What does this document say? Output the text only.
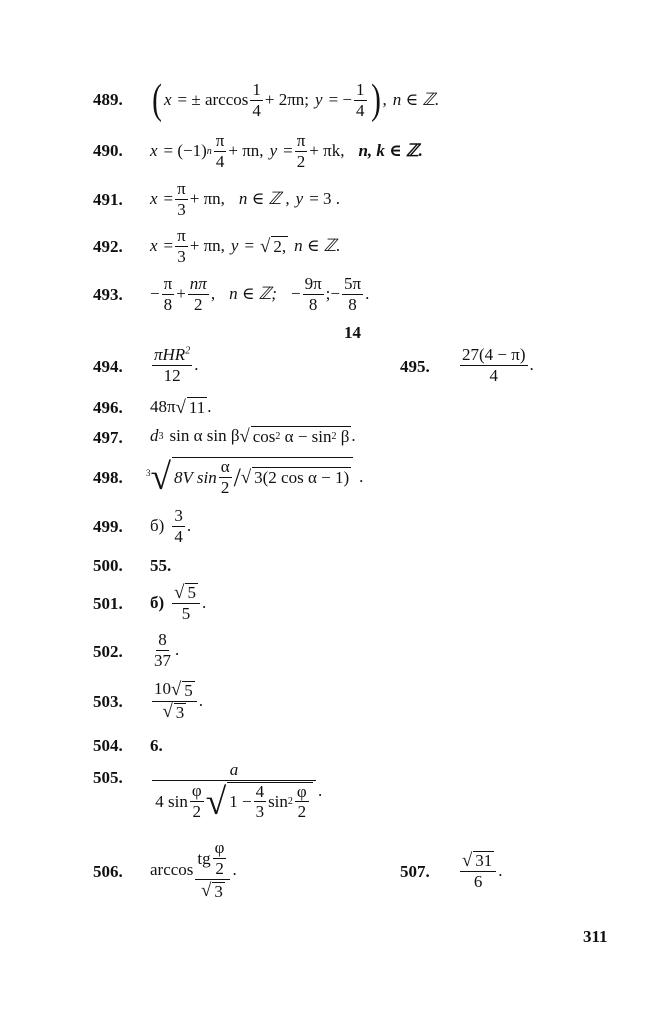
489. ( x = ± $\arccos \frac{1}{4} + 2\pi n$; y = − $\frac{1}{4}$ ) , n ∈ ℤ.
490. x = (−1) n $\frac{\pi}{4} + \pi n$, $y = \frac{\pi}{2} + \pi k$, n, k ∈ ℤ.
491. $x = \frac{\pi}{3} + \pi n$, n ∈ ℤ , y = 3 .
492. $x = \frac{\pi}{3} + \pi n$, y = √ 2, n ∈ ℤ.
493. − $\frac{\pi}{8} + \frac{n\pi}{2}$ , n ∈ ℤ; − $\frac{9\pi}{8}$ ;− $\frac{5\pi}{8}$ .
14
494. $\frac{\pi HR^2}{12}$ .	495. $\frac{27(4 - \pi)}{4}$ .
496. 48π √ 11 .
497. d 3 sin α sin β √ cos 2
α − sin 2
β .
498.	3 √ 8V $\sin \frac{\alpha}{2}$ / √ 3(2 cos α − 1) .
499. $б) \frac{3}{4}$ .
500. 55.
501. $б) \frac{√ 5}{5}$ .
502. $\frac{8}{37}$ .
503. $\frac{10 √ 5}{√ 3}$ .
504. 6.
505.	a
4 $\sin \frac{\varphi}{2}$ √ $1 - \frac{4}{3}$ $\sin 2 \frac{\varphi}{2}$ .
506. $\arccos \frac{tg \frac{\varphi}{2}}{√ 3}$ .	507. $\frac{√ 31}{6}$ .
311
